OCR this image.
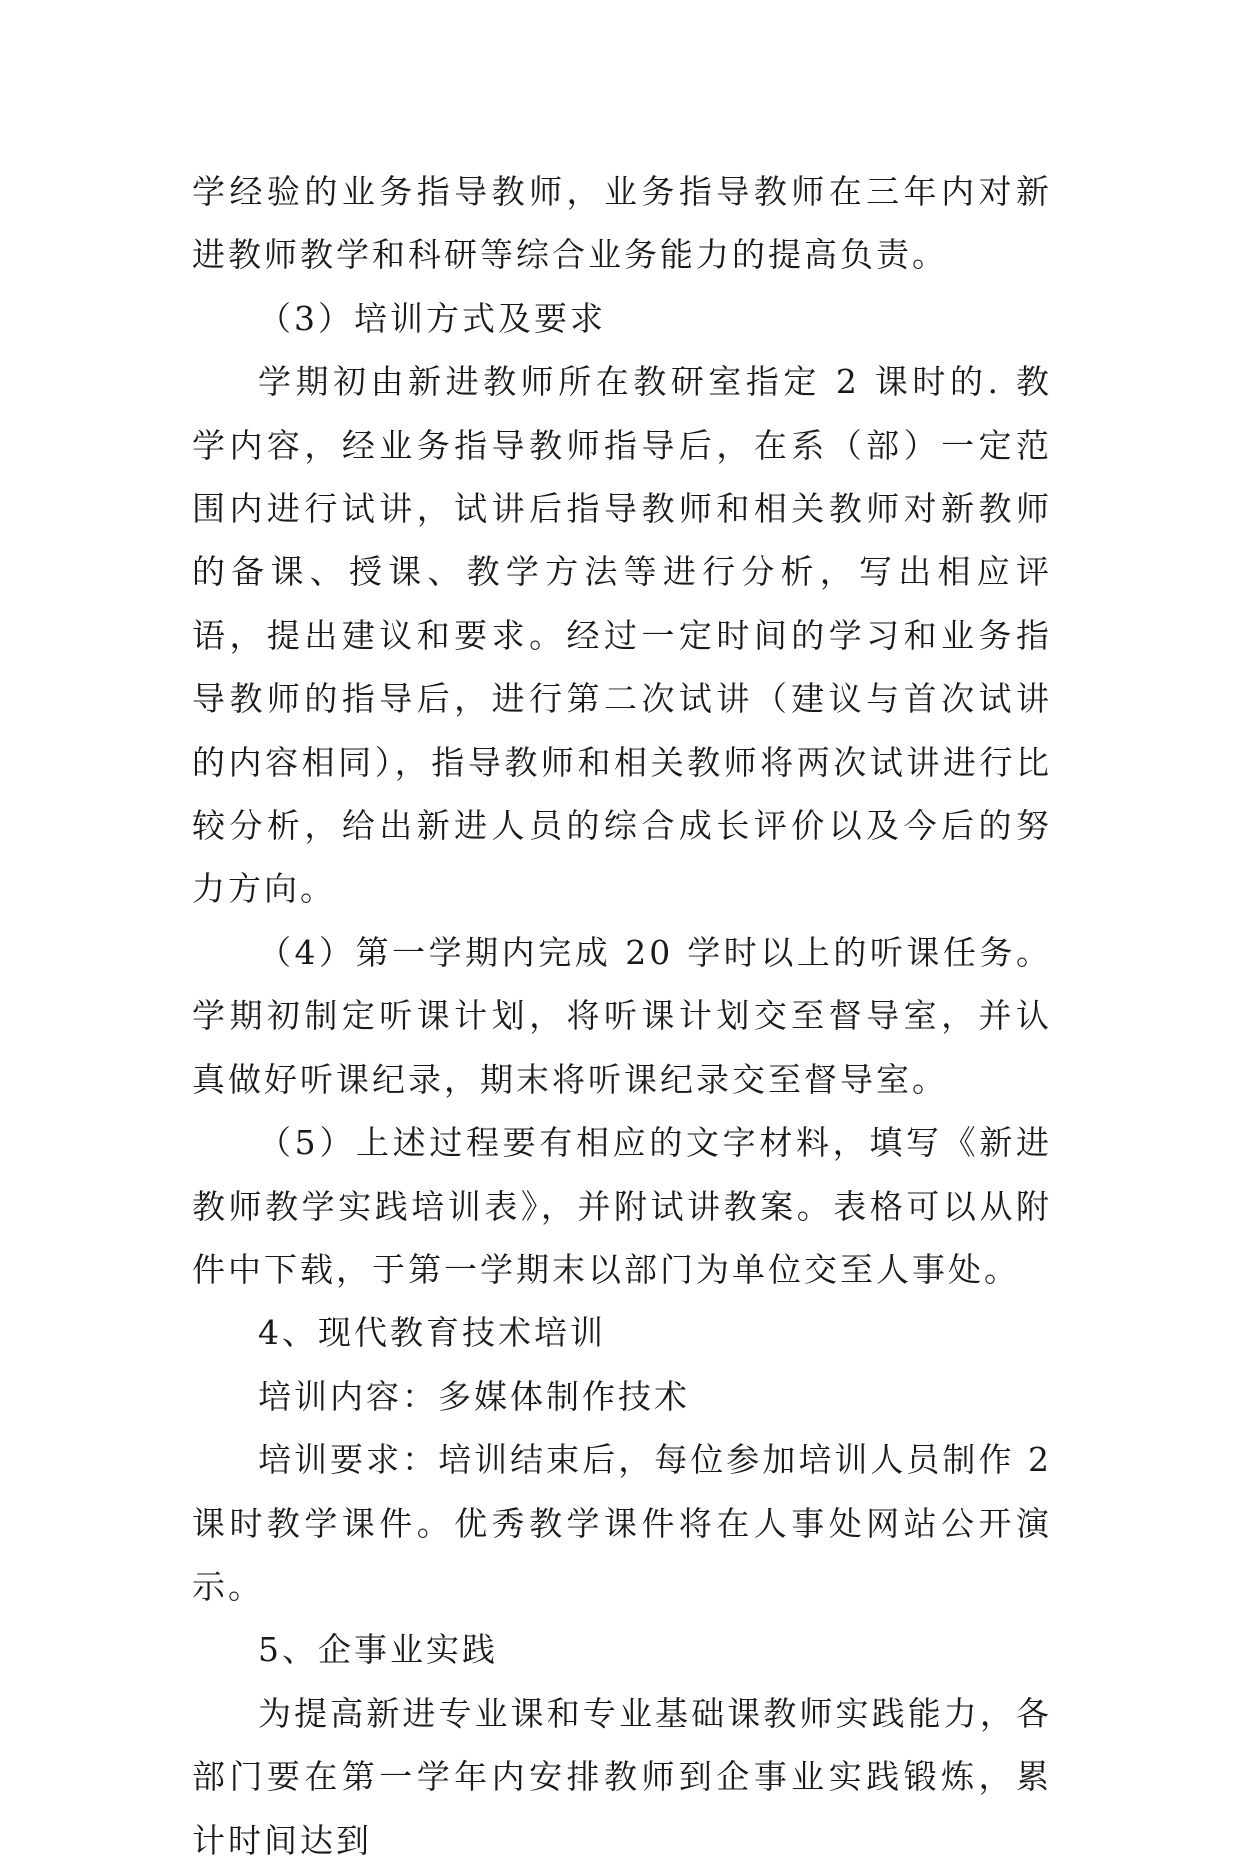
学经验的业务指导教师，业务指导教师在三年内对新进教师教学和科研等综合业务能力的提高负责。

（3）培训方式及要求

学期初由新进教师所在教研室指定 2 课时的. 教学内容，经业务指导教师指导后，在系（部）一定范围内进行试讲，试讲后指导教师和相关教师对新教师的备课、授课、教学方法等进行分析，写出相应评语，提出建议和要求。经过一定时间的学习和业务指导教师的指导后，进行第二次试讲（建议与首次试讲的内容相同），指导教师和相关教师将两次试讲进行比较分析，给出新进人员的综合成长评价以及今后的努力方向。

（4）第一学期内完成 20 学时以上的听课任务。学期初制定听课计划，将听课计划交至督导室，并认真做好听课纪录，期末将听课纪录交至督导室。

（5）上述过程要有相应的文字材料，填写《新进教师教学实践培训表》，并附试讲教案。表格可以从附件中下载，于第一学期末以部门为单位交至人事处。

4、现代教育技术培训

培训内容：多媒体制作技术

培训要求：培训结束后，每位参加培训人员制作 2 课时教学课件。优秀教学课件将在人事处网站公开演示。

5、企事业实践

为提高新进专业课和专业基础课教师实践能力，各部门要在第一学年内安排教师到企事业实践锻炼，累计时间达到
